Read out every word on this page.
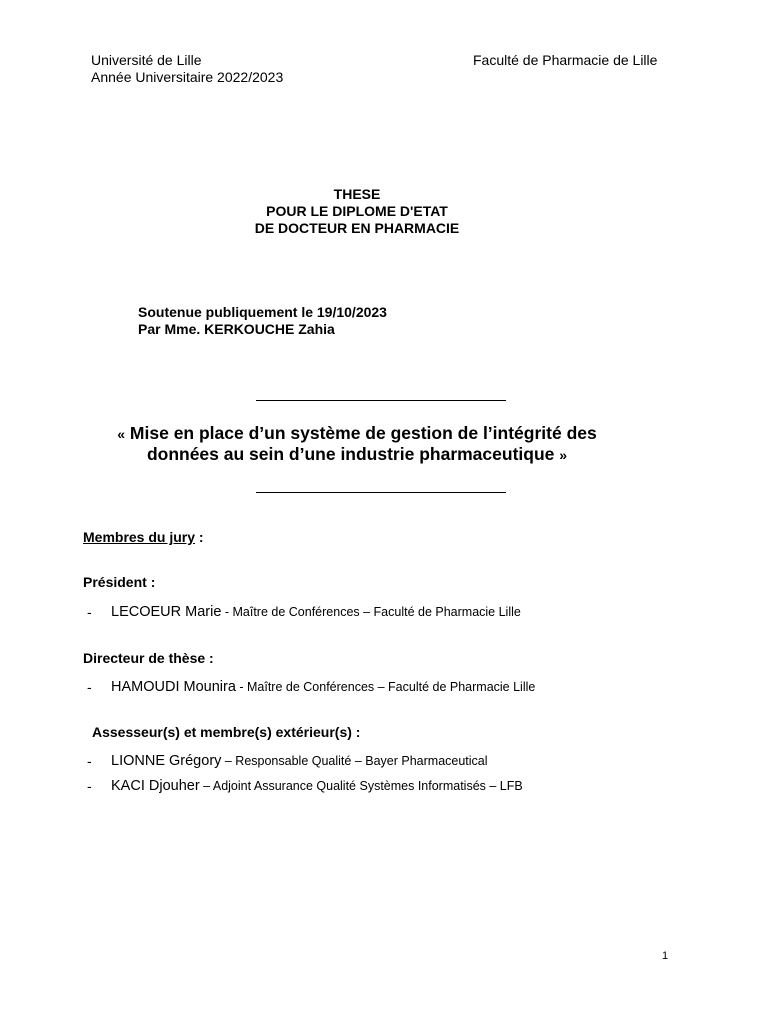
Université de Lille
Année Universitaire 2022/2023
Faculté de Pharmacie de Lille
THESE
POUR LE DIPLOME D'ETAT
DE DOCTEUR EN PHARMACIE
Soutenue publiquement le 19/10/2023
Par Mme. KERKOUCHE Zahia
« Mise en place d’un système de gestion de l’intégrité des
données au sein d’une industrie pharmaceutique »
Membres du jury :
Président :
- LECOEUR Marie - Maître de Conférences – Faculté de Pharmacie Lille
Directeur de thèse :
- HAMOUDI Mounira - Maître de Conférences – Faculté de Pharmacie Lille
Assesseur(s) et membre(s) extérieur(s) :
- LIONNE Grégory – Responsable Qualité – Bayer Pharmaceutical
- KACI Djouher – Adjoint Assurance Qualité Systèmes Informatisés – LFB
1
